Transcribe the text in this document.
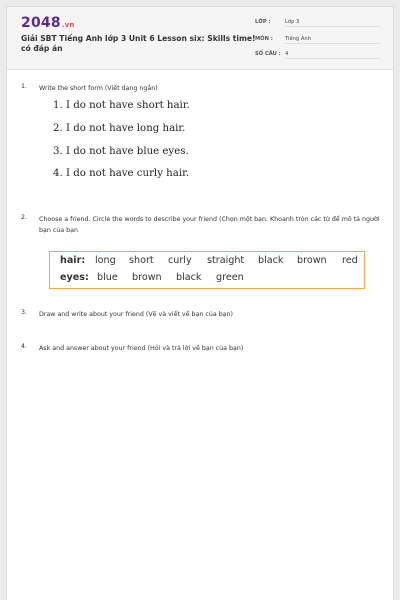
2048.vn
Giải SBT Tiếng Anh lớp 3 Unit 6 Lesson six: Skills time! có đáp án
LỚP :	Lớp 3
MÔN :	Tiếng Anh
SỐ CÂU : 4
1. Write the short form (Viết dạng ngắn)
1. I do not have short hair.
2. I do not have long hair.
3. I do not have blue eyes.
4. I do not have curly hair.
2. Choose a friend. Circle the words to describe your friend (Chọn một bạn. Khoanh tròn các từ để mô tả người bạn của bạn
hair: long short curly straight black brown red
eyes: blue brown black green
3. Draw and write about your friend (Vẽ và viết về bạn của bạn)
4. Ask and answer about your friend (Hỏi và trả lời về bạn của bạn)
